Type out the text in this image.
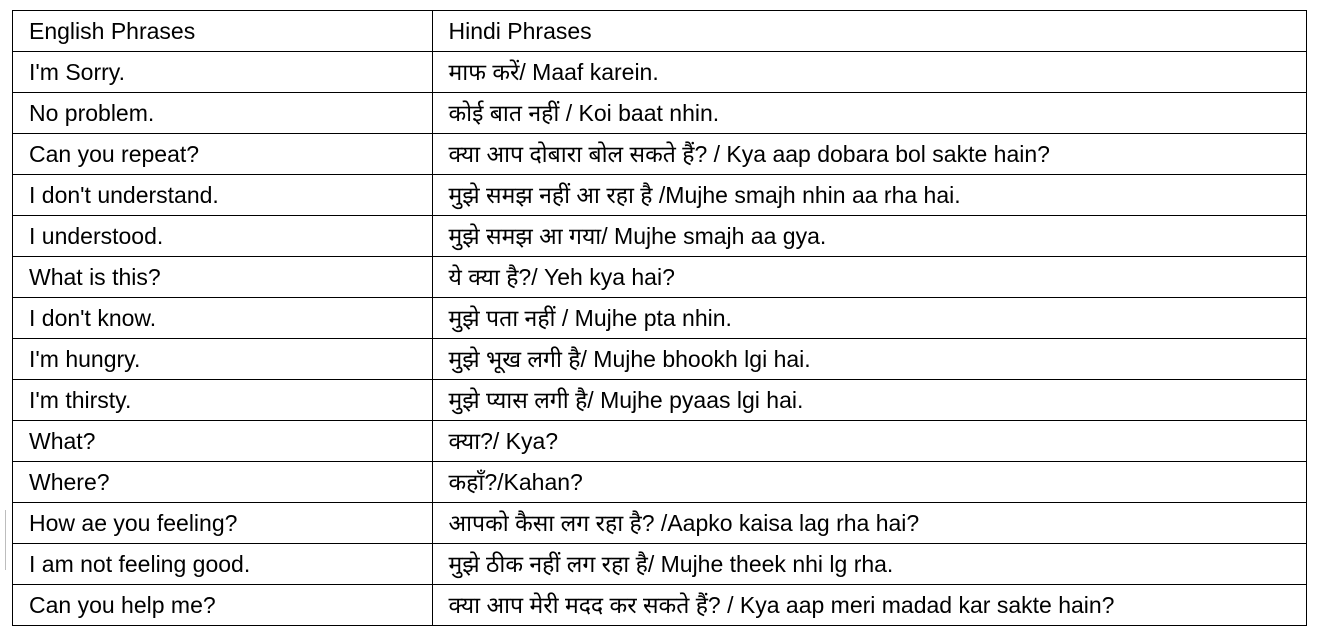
English Phrases	Hindi Phrases
I'm Sorry.	माफ करें/ Maaf karein.
No problem.	कोई बात नहीं / Koi baat nhin.
Can you repeat?	क्या आप दोबारा बोल सकते हैं? / Kya aap dobara bol sakte hain?
I don't understand.	मुझे समझ नहीं आ रहा है /Mujhe smajh nhin aa rha hai.
I understood.	मुझे समझ आ गया/ Mujhe smajh aa gya.
What is this?	ये क्या है?/ Yeh kya hai?
I don't know.	मुझे पता नहीं / Mujhe pta nhin.
I'm hungry.	मुझे भूख लगी है/ Mujhe bhookh lgi hai.
I'm thirsty.	मुझे प्यास लगी है/ Mujhe pyaas lgi hai.
What?	क्या?/ Kya?
Where?	कहाँ?/Kahan?
How ae you feeling?	आपको कैसा लग रहा है? /Aapko kaisa lag rha hai?
I am not feeling good.	मुझे ठीक नहीं लग रहा है/ Mujhe theek nhi lg rha.
Can you help me?	क्या आप मेरी मदद कर सकते हैं? / Kya aap meri madad kar sakte hain?
